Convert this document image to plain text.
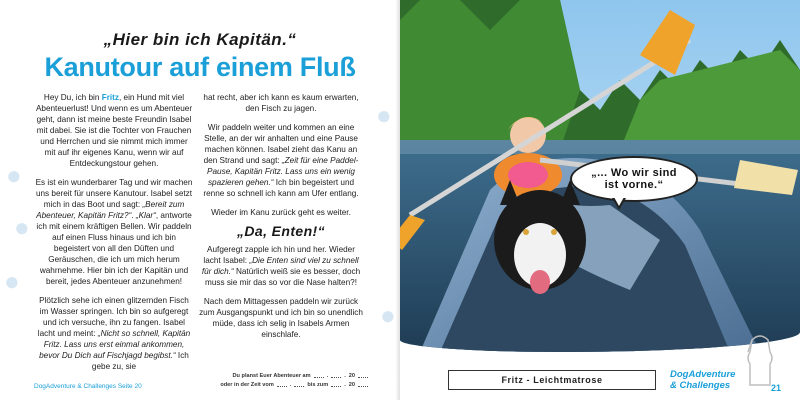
●
●
●
●
●
„Hier bin ich Kapitän.“
Kanutour auf einem Fluß

Hey Du, ich bin Fritz, ein Hund mit viel Abenteuerlust! Und wenn es um Abenteuer geht, dann ist meine beste Freundin Isabel mit dabei. Sie ist die Tochter von Frauchen und Herrchen und sie nimmt mich immer mit auf ihr eigenes Kanu, wenn wir auf Entdeckungstour gehen.

Es ist ein wunderbarer Tag und wir machen uns bereit für unsere Kanutour. Isabel setzt mich in das Boot und sagt: „Bereit zum Abenteuer, Kapitän Fritz?“. „Klar“, antworte ich mit einem kräftigen Bellen. Wir paddeln auf einen Fluss hinaus und ich bin begeistert von all den Düften und Geräuschen, die ich um mich herum wahrnehme. Hier bin ich der Kapitän und bereit, jedes Abenteuer anzunehmen!

Plötzlich sehe ich einen glitzernden Fisch im Wasser springen. Ich bin so aufgeregt und ich versuche, ihn zu fangen. Isabel lacht und meint: „Nicht so schnell, Kapitän Fritz. Lass uns erst einmal ankommen, bevor Du Dich auf Fischjagd begibst.“ Ich gebe zu, sie

hat recht, aber ich kann es kaum erwarten, den Fisch zu jagen.

Wir paddeln weiter und kommen an eine Stelle, an der wir anhalten und eine Pause machen können. Isabel zieht das Kanu an den Strand und sagt: „Zeit für eine Paddel-Pause, Kapitän Fritz. Lass uns ein wenig spazieren gehen.“ Ich bin begeistert und renne so schnell ich kann am Ufer entlang.

Wieder im Kanu zurück geht es weiter.

„Da, Enten!“

Aufgeregt zapple ich hin und her. Wieder lacht Isabel: „Die Enten sind viel zu schnell für dich.“ Natürlich weiß sie es besser, doch muss sie mir das so vor die Nase halten?!

Nach dem Mittagessen paddeln wir zurück zum Ausgangspunkt und ich bin so unendlich müde, dass ich selig in Isabels Armen einschlafe.

Du planst Euer Abenteuer am	.	. 20
oder in der Zeit vom	.	bis zum	. 20
DogAdventure & Challenges Seite 20
„... Wo wir sind
ist vorne.“
Fritz - Leichtmatrose	DogAdventure
& Challenges	21
